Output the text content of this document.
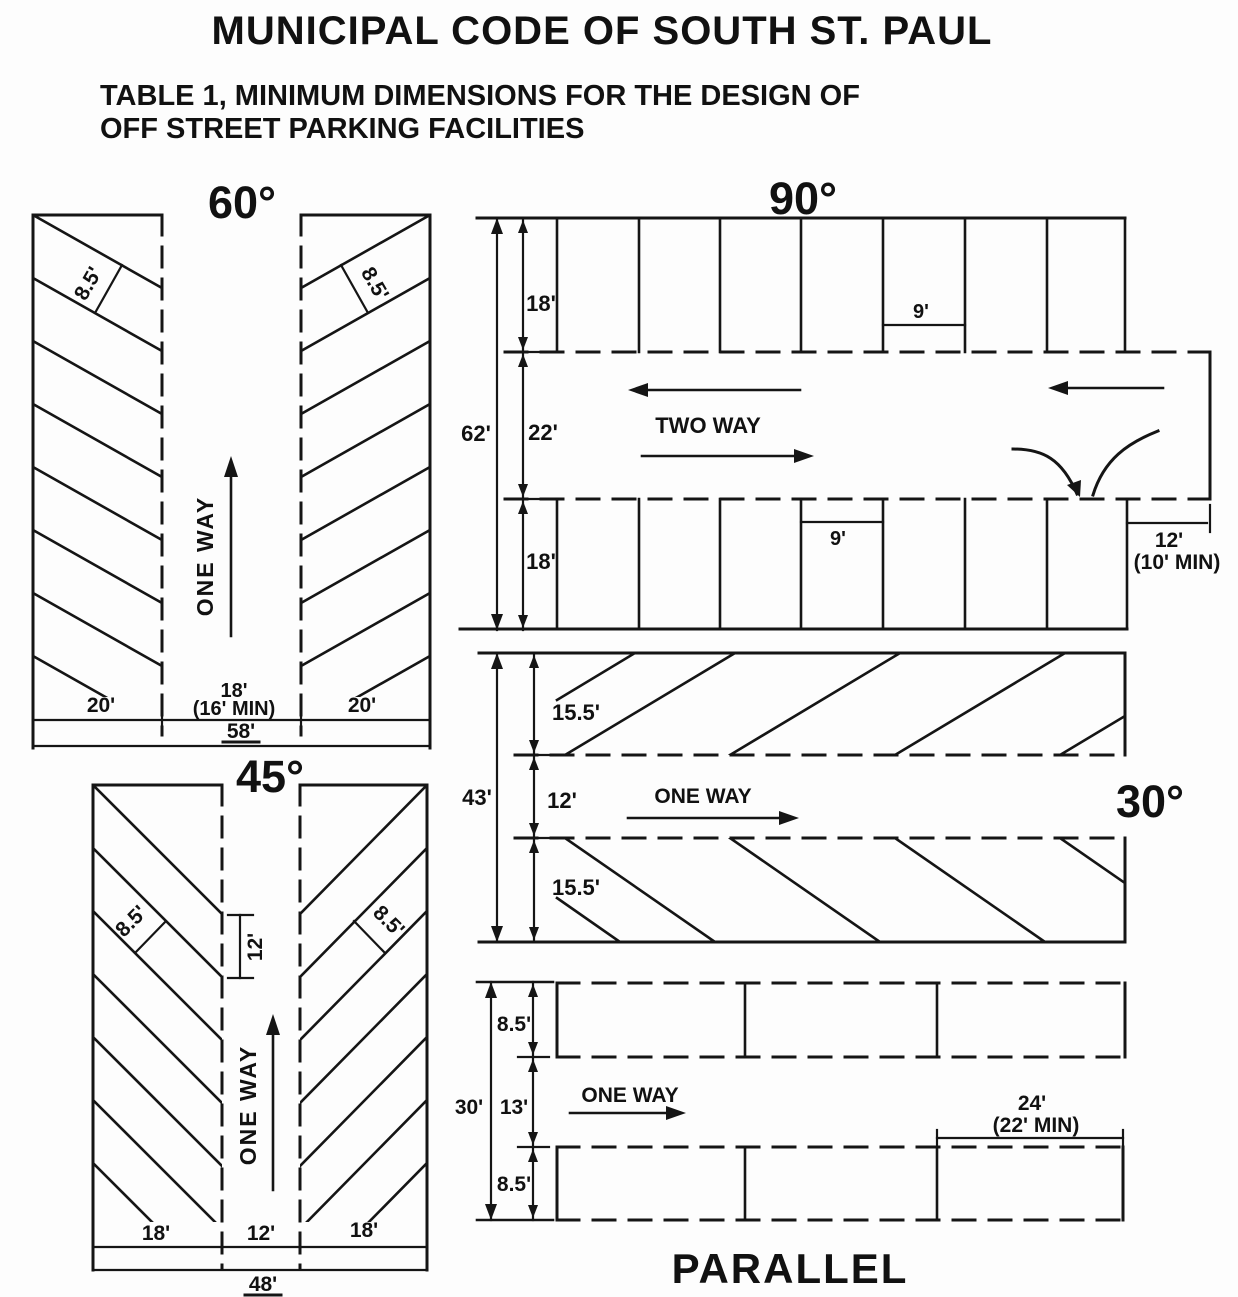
MUNICIPAL CODE OF SOUTH ST. PAUL
TABLE 1, MINIMUM DIMENSIONS FOR THE DESIGN OF
OFF STREET PARKING FACILITIES
60°
8.5'	8.5'
ONE WAY
20'
18'
(16' MIN)	20'
58'
90°
9'
TWO WAY
9'	12'
(10' MIN)
62'
18'
22'
18'
30°
ONE WAY
43'
15.5'
12'
15.5'
45°
8.5'	8.5'
12'
ONE WAY
18'	12'	18'
48'
ONE WAY	24'
(22' MIN)
30'
8.5'
13'
8.5'
PARALLEL
